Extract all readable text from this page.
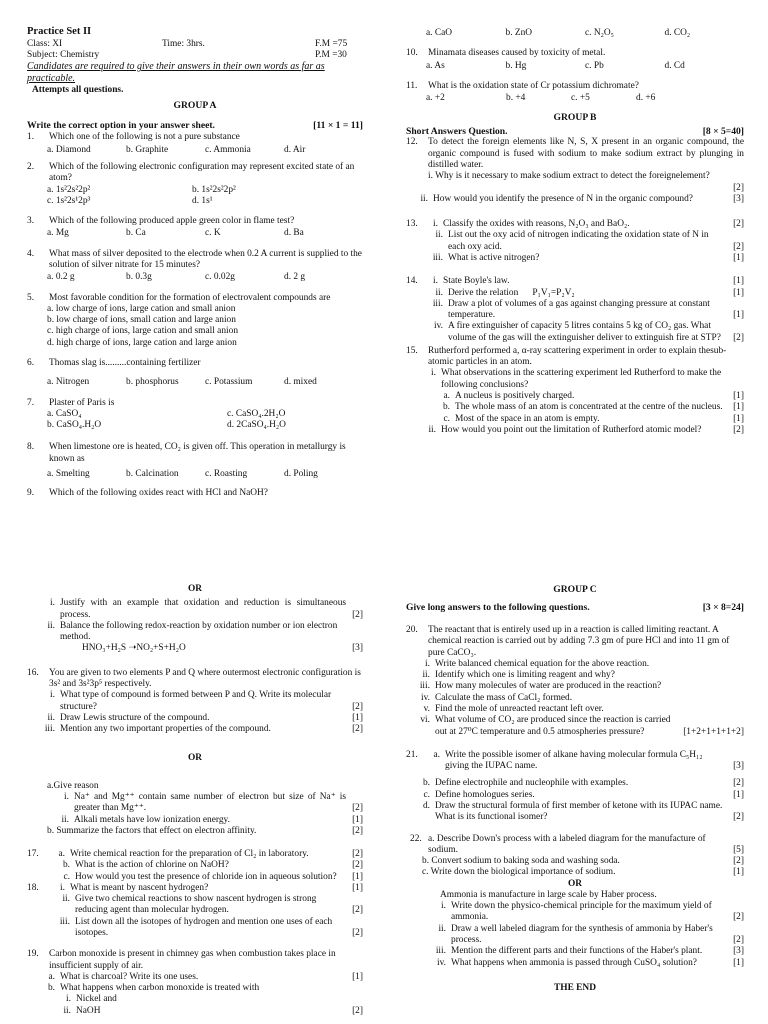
Practice Set II
Class: XI	Time: 3hrs.	F.M =75
Subject: Chemistry	P.M =30
Candidates are required to give their answers in their own words as far as practicable.
Attempts all questions.
GROUP A
Write the correct option in your answer sheet.	[11 × 1 = 11]
1.	Which one of the following is not a pure substance
a. Diamond	b. Graphite	c. Ammonia	d. Air
2.	Which of the following electronic configuration may represent excited state of an atom?
a. 1s²2s²2p²	b. 1s²2s²2p²
c. 1s²2s¹2p³	d. 1s¹
3.	Which of the following produced apple green color in flame test?
a. Mg	b. Ca	c. K	d. Ba
4.	What mass of silver deposited to the electrode when 0.2 A current is supplied to the solution of silver nitrate for 15 minutes?
a. 0.2 g	b. 0.3g	c. 0.02g	d. 2 g
5.	Most favorable condition for the formation of electrovalent compounds are
a. low charge of ions, large cation and small anion
b. low charge of ions, small cation and large anion
c. high charge of ions, large cation and small anion
d. high charge of ions, large cation and large anion
6.	Thomas slag is.........containing fertilizer
a. Nitrogen	b. phosphorus	c. Potassium	d. mixed
7.	Plaster of Paris is
a. CaSO₄	c. CaSO₄.2H₂O
b. CaSO₄.H₂O	d. 2CaSO₄.H₂O
8.	When limestone ore is heated, CO₂ is given off. This operation in metallurgy is known as
a. Smelting	b. Calcination	c. Roasting	d. Poling
9.	Which of the following oxides react with HCl and NaOH?
a. CaO	b. ZnO	c. N₂O₅	d. CO₂
10.	Minamata diseases caused by toxicity of metal.
a. As	b. Hg	c. Pb	d. Cd
11.	What is the oxidation state of Cr potassium dichromate?
a. +2	b. +4	c. +5	d. +6
GROUP B
Short Answers Question.	[8 × 5=40]
12.	To detect the foreign elements like N, S, X present in an organic compound, the organic compound is fused with sodium to make sodium extract by plunging in distilled water.
i. Why is it necessary to make sodium extract to detect the foreignelement?
[2]
ii. How would you identify the presence of N in the organic compound?	[3]
13.	i. Classify the oxides with reasons, N₂O₃ and BaO₂.	[2]
ii. List out the oxy acid of nitrogen indicating the oxidation state of N in each oxy acid.	[2]
iii. What is active nitrogen?	[1]
14.	i. State Boyle's law.	[1]
ii. Derive the relation P₁V₁=P₂V₂	[1]
iii. Draw a plot of volumes of a gas against changing pressure at constant temperature.	[1]
iv. A fire extinguisher of capacity 5 litres contains 5 kg of CO₂ gas. What volume of the gas will the extinguisher deliver to extinguish fire at STP?	[2]
15.	Rutherford performed a, α-ray scattering experiment in order to explain thesub-atomic particles in an atom.
i. What observations in the scattering experiment led Rutherford to make the following conclusions?
a. A nucleus is positively charged.	[1]
b. The whole mass of an atom is concentrated at the centre of the nucleus.	[1]
c. Most of the space in an atom is empty.	[1]
ii. How would you point out the limitation of Rutherford atomic model?	[2]
OR
i. Justify with an example that oxidation and reduction is simultaneous process.	[2]
ii. Balance the following redox-reaction by oxidation number or ion electron method.
HNO₃+H₂S ➝NO₂+S+H₂O	[3]
16.	You are given to two elements P and Q where outermost electronic configuration is 3s² and 3s²3p⁵ respectively.
i. What type of compound is formed between P and Q. Write its molecular structure?	[2]
ii. Draw Lewis structure of the compound.	[1]
iii. Mention any two important properties of the compound.	[2]
OR
a.Give reason
i. Na⁺ and Mg⁺⁺ contain same number of electron but size of Na⁺ is greater than Mg⁺⁺.	[2]
ii. Alkali metals have low ionization energy.	[1]
b. Summarize the factors that effect on electron affinity.	[2]
17.	a. Write chemical reaction for the preparation of Cl₂ in laboratory.	[2]
b. What is the action of chlorine on NaOH?	[2]
c. How would you test the presence of chloride ion in aqueous solution?	[1]
18.	i. What is meant by nascent hydrogen?	[1]
ii. Give two chemical reactions to show nascent hydrogen is strong reducing agent than molecular hydrogen.	[2]
iii. List down all the isotopes of hydrogen and mention one uses of each isotopes.	[2]
19.	Carbon monoxide is present in chimney gas when combustion takes place in insufficient supply of air.
a. What is charcoal? Write its one uses.	[1]
b. What happens when carbon monoxide is treated with
i. Nickel and
ii. NaOH	[2]
GROUP C
Give long answers to the following questions.	[3 × 8=24]
20.	The reactant that is entirely used up in a reaction is called limiting reactant. A chemical reaction is carried out by adding 7.3 gm of pure HCl and into 11 gm of pure CaCO₃.
i. Write balanced chemical equation for the above reaction.
ii. Identify which one is limiting reagent and why?
iii. How many molecules of water are produced in the reaction?
iv. Calculate the mass of CaCl₂ formed.
v. Find the mole of unreacted reactant left over.
vi. What volume of CO₂ are produced since the reaction is carried out at 27⁰C temperature and 0.5 atmospheries pressure?	[1+2+1+1+1+2]
21.	a. Write the possible isomer of alkane having molecular formula C₅H₁₂ giving the IUPAC name.	[3]
b. Define electrophile and nucleophile with examples.	[2]
c. Define homologues series.	[1]
d. Draw the structural formula of first member of ketone with its IUPAC name. What is its functional isomer?	[2]
22. a. Describe Down's process with a labeled diagram for the manufacture of sodium.	[5]
b. Convert sodium to baking soda and washing soda.	[2]
c. Write down the biological importance of sodium.	[1]
OR
Ammonia is manufacture in large scale by Haber process.
i. Write down the physico-chemical principle for the maximum yield of ammonia.	[2]
ii. Draw a well labeled diagram for the synthesis of ammonia by Haber's process.	[2]
iii. Mention the different parts and their functions of the Haber's plant.	[3]
iv. What happens when ammonia is passed through CuSO₄ solution?	[1]
THE END
